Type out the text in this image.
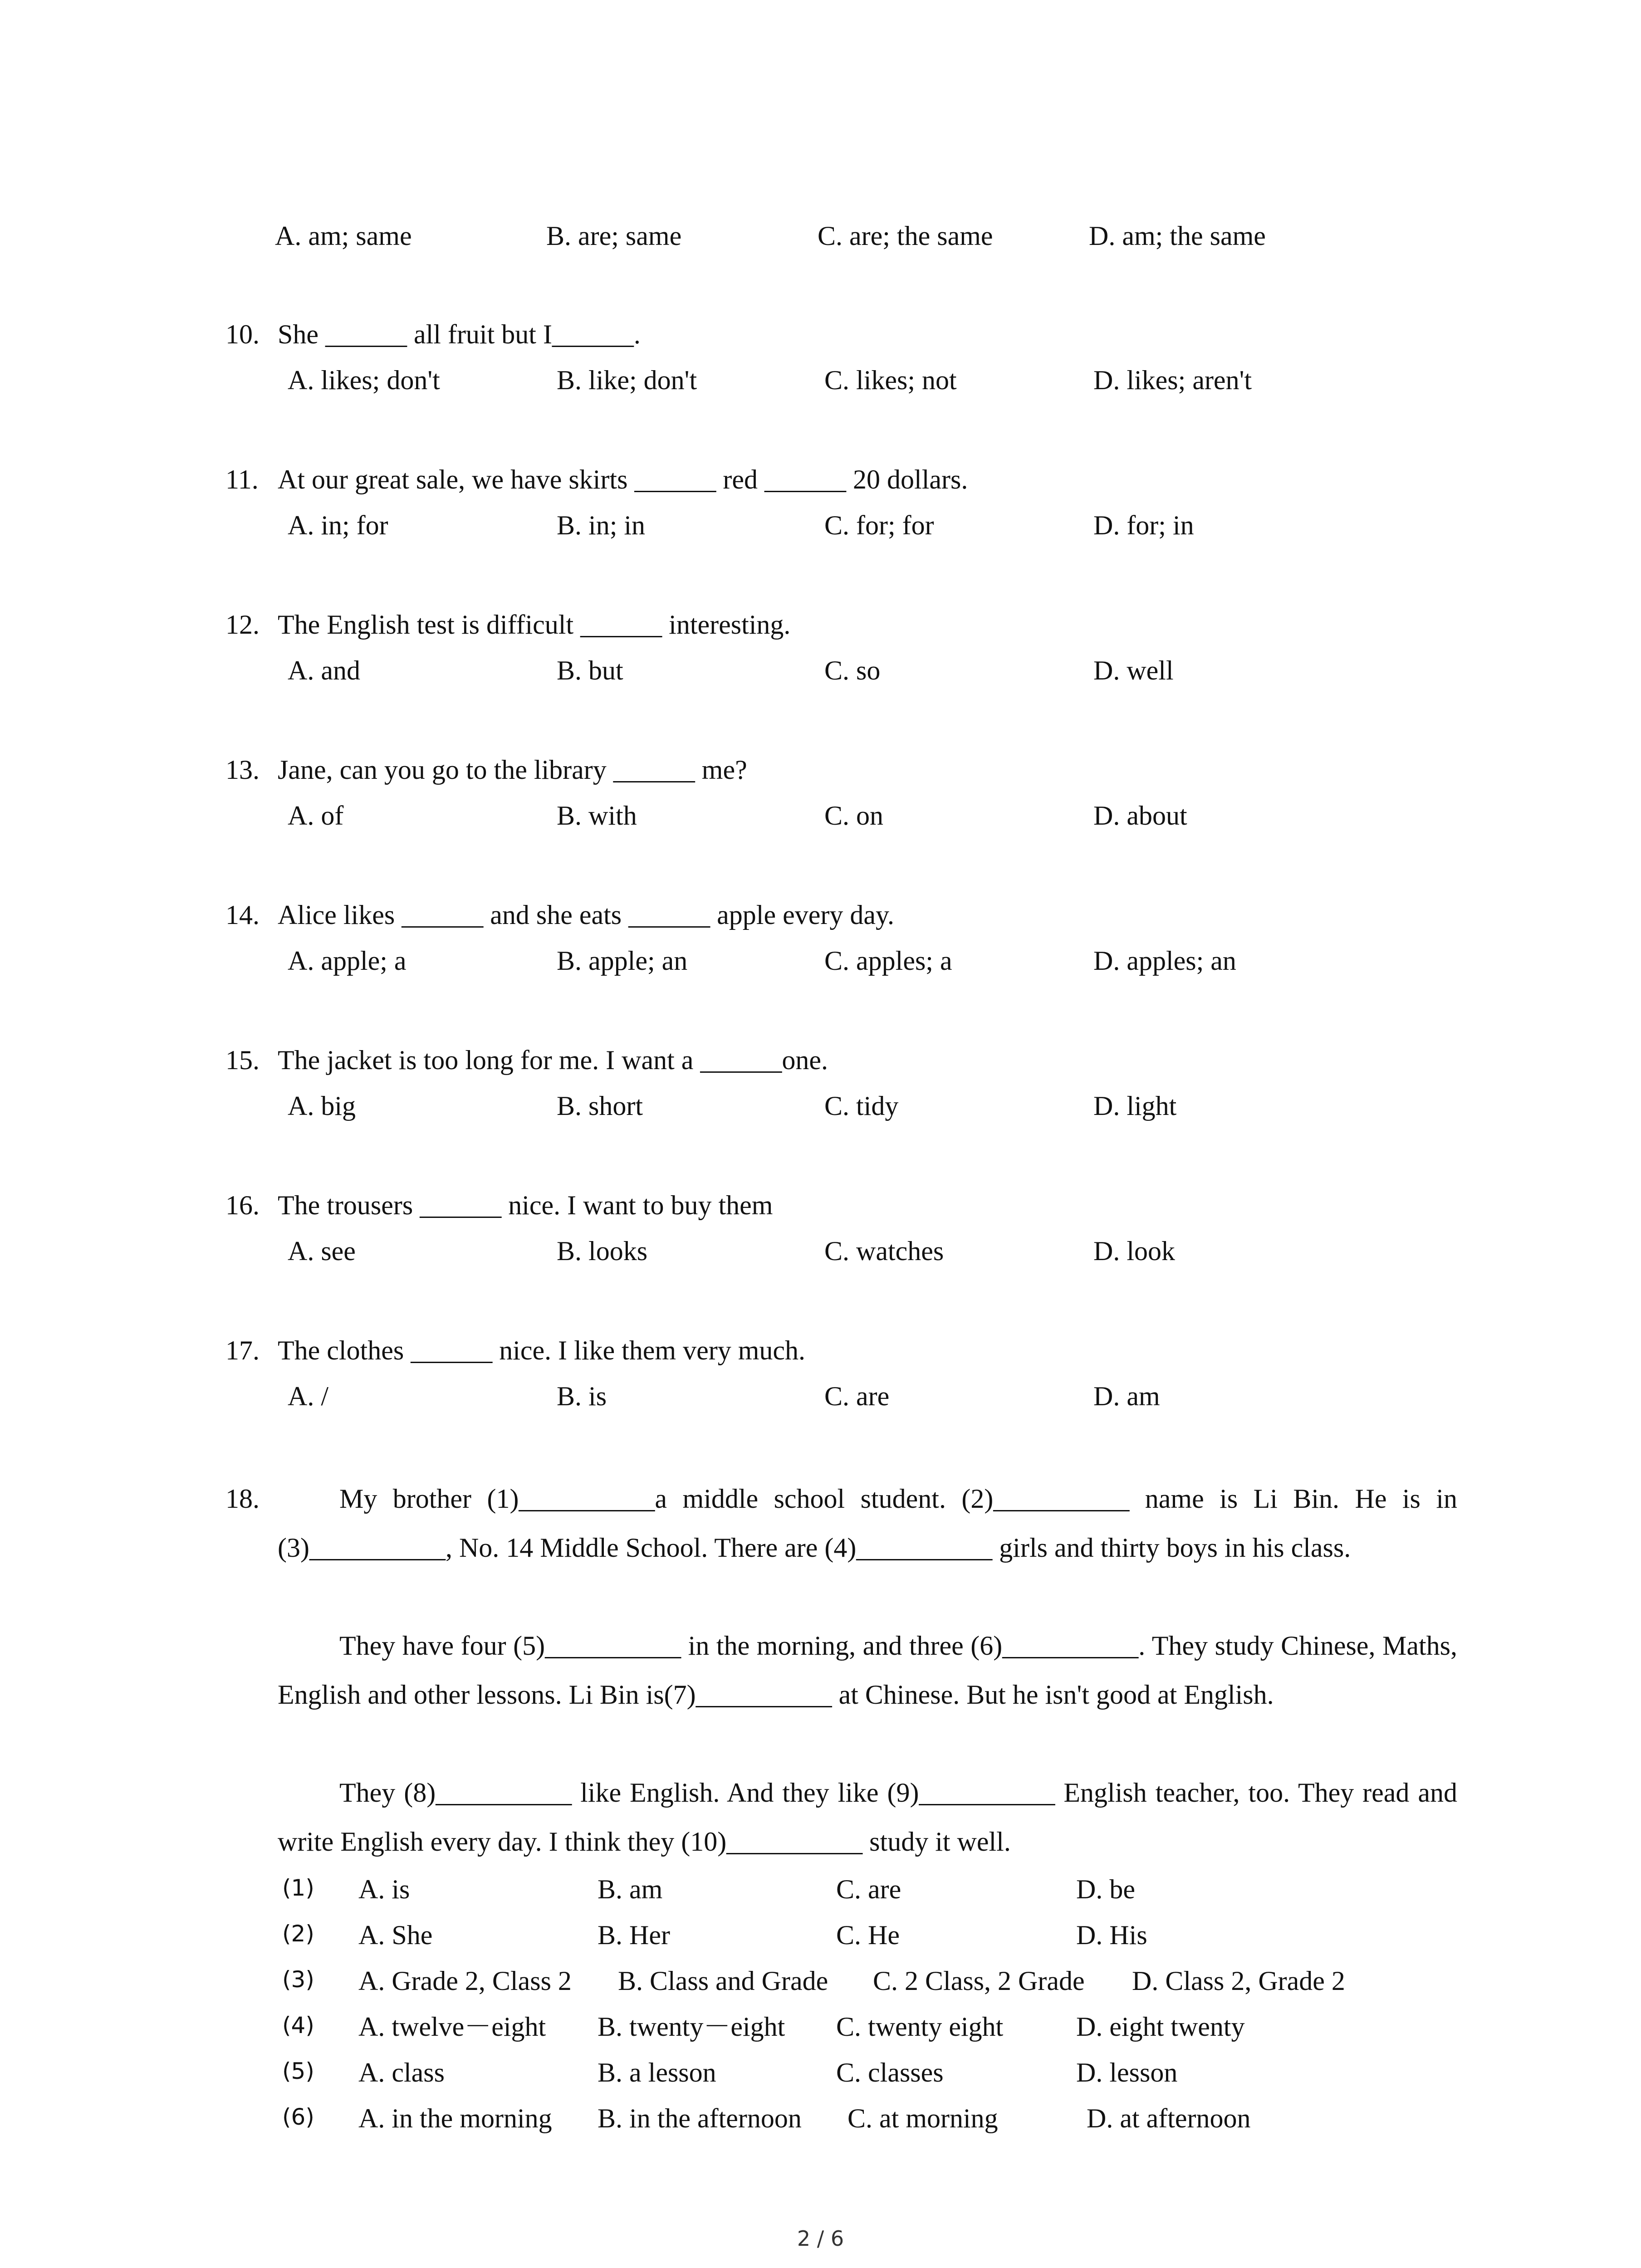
A. am; same	B. are; same	C. are; the same	D. am; the same
10. She ______ all fruit but I______.
A. likes; don't	B. like; don't	C. likes; not	D. likes; aren't
11. At our great sale, we have skirts ______ red ______ 20 dollars.
A. in; for	B. in; in	C. for; for	D. for; in
12. The English test is difficult ______ interesting.
A. and	B. but	C. so	D. well
13. Jane, can you go to the library ______ me?
A. of	B. with	C. on	D. about
14. Alice likes ______ and she eats ______ apple every day.
A. apple; a	B. apple; an	C. apples; a	D. apples; an
15. The jacket is too long for me. I want a ______one.
A. big	B. short	C. tidy	D. light
16. The trousers ______ nice. I want to buy them
A. see	B. looks	C. watches	D. look
17. The clothes ______ nice. I like them very much.
A. /	B. is	C. are	D. am
18.	My brother (1)__________a middle school student. (2)__________ name is Li Bin. He is in (3)__________, No. 14 Middle School. There are (4)__________ girls and thirty boys in his class.
They have four (5)__________ in the morning, and three (6)__________. They study Chinese, Maths, English and other lessons. Li Bin is(7)__________ at Chinese. But he isn't good at English.
They (8)__________ like English. And they like (9)__________ English teacher, too. They read and write English every day. I think they (10)__________ study it well.
(1) A. is	B. am	C. are	D. be
(2) A. She	B. Her	C. He	D. His
(3) A. Grade 2, Class 2 B. Class and Grade C. 2 Class, 2 Grade D. Class 2, Grade 2
(4) A. twelve－eight B. twenty－eight C. twenty eight	D. eight twenty
(5) A. class	B. a lesson	C. classes	D. lesson
(6) A. in the morning B. in the afternoon C. at morning	D. at afternoon
2 / 6
